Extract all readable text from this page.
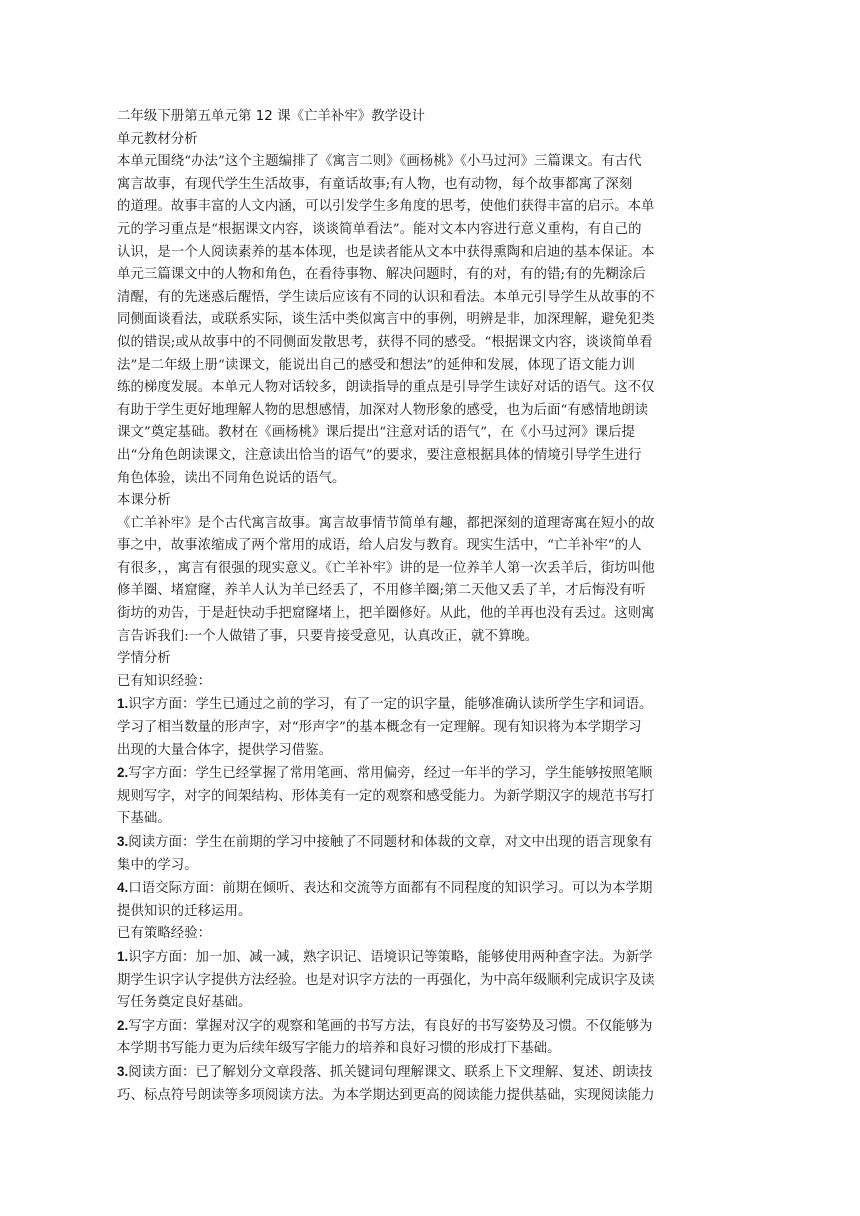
二年级下册第五单元第 12 课《亡羊补牢》教学设计
单元教材分析
本单元围绕“办法”这个主题编排了《寓言二则》《画杨桃》《小马过河》三篇课文。有古代
寓言故事，有现代学生生活故事，有童话故事;有人物，也有动物，每个故事都寓了深刻
的道理。故事丰富的人文内涵，可以引发学生多角度的思考，使他们获得丰富的启示。本单
元的学习重点是“根据课文内容，谈谈简单看法”。能对文本内容进行意义重构，有自己的
认识，是一个人阅读素养的基本体现，也是读者能从文本中获得熏陶和启迪的基本保证。本
单元三篇课文中的人物和角色，在看待事物、解决问题时，有的对，有的错;有的先糊涂后
清醒，有的先迷惑后醒悟，学生读后应该有不同的认识和看法。本单元引导学生从故事的不
同侧面谈看法，或联系实际，谈生活中类似寓言中的事例，明辨是非，加深理解，避免犯类
似的错误;或从故事中的不同侧面发散思考，获得不同的感受。“根据课文内容，谈谈简单看
法”是二年级上册“读课文，能说出自己的感受和想法”的延伸和发展，体现了语文能力训
练的梯度发展。本单元人物对话较多，朗读指导的重点是引导学生读好对话的语气。这不仅
有助于学生更好地理解人物的思想感情，加深对人物形象的感受，也为后面“有感情地朗读
课文”奠定基础。教材在《画杨桃》课后提出“注意对话的语气”，在《小马过河》课后提
出“分角色朗读课文，注意读出恰当的语气”的要求，要注意根据具体的情境引导学生进行
角色体验，读出不同角色说话的语气。
本课分析
《亡羊补牢》是个古代寓言故事。寓言故事情节简单有趣，都把深刻的道理寄寓在短小的故
事之中，故事浓缩成了两个常用的成语，给人启发与教育。现实生活中，“亡羊补牢”的人
有很多，，寓言有很强的现实意义。《亡羊补牢》讲的是一位养羊人第一次丢羊后，街坊叫他
修羊圈、堵窟窿，养羊人认为羊已经丢了，不用修羊圈;第二天他又丢了羊，才后悔没有听
街坊的劝告，于是赶快动手把窟窿堵上，把羊圈修好。从此，他的羊再也没有丢过。这则寓
言告诉我们:一个人做错了事，只要肯接受意见，认真改正，就不算晚。
学情分析
已有知识经验：
1.识字方面：学生已通过之前的学习，有了一定的识字量，能够准确认读所学生字和词语。
学习了相当数量的形声字，对“形声字”的基本概念有一定理解。现有知识将为本学期学习
出现的大量合体字，提供学习借鉴。
2.写字方面：学生已经掌握了常用笔画、常用偏旁，经过一年半的学习，学生能够按照笔顺
规则写字，对字的间架结构、形体美有一定的观察和感受能力。为新学期汉字的规范书写打
下基础。
3.阅读方面：学生在前期的学习中接触了不同题材和体裁的文章，对文中出现的语言现象有
集中的学习。
4.口语交际方面：前期在倾听、表达和交流等方面都有不同程度的知识学习。可以为本学期
提供知识的迁移运用。
已有策略经验：
1.识字方面：加一加、减一减，熟字识记、语境识记等策略，能够使用两种查字法。为新学
期学生识字认字提供方法经验。也是对识字方法的一再强化，为中高年级顺利完成识字及读
写任务奠定良好基础。
2.写字方面：掌握对汉字的观察和笔画的书写方法，有良好的书写姿势及习惯。不仅能够为
本学期书写能力更为后续年级写字能力的培养和良好习惯的形成打下基础。
3.阅读方面：已了解划分文章段落、抓关键词句理解课文、联系上下文理解、复述、朗读技
巧、标点符号朗读等多项阅读方法。为本学期达到更高的阅读能力提供基础，实现阅读能力
